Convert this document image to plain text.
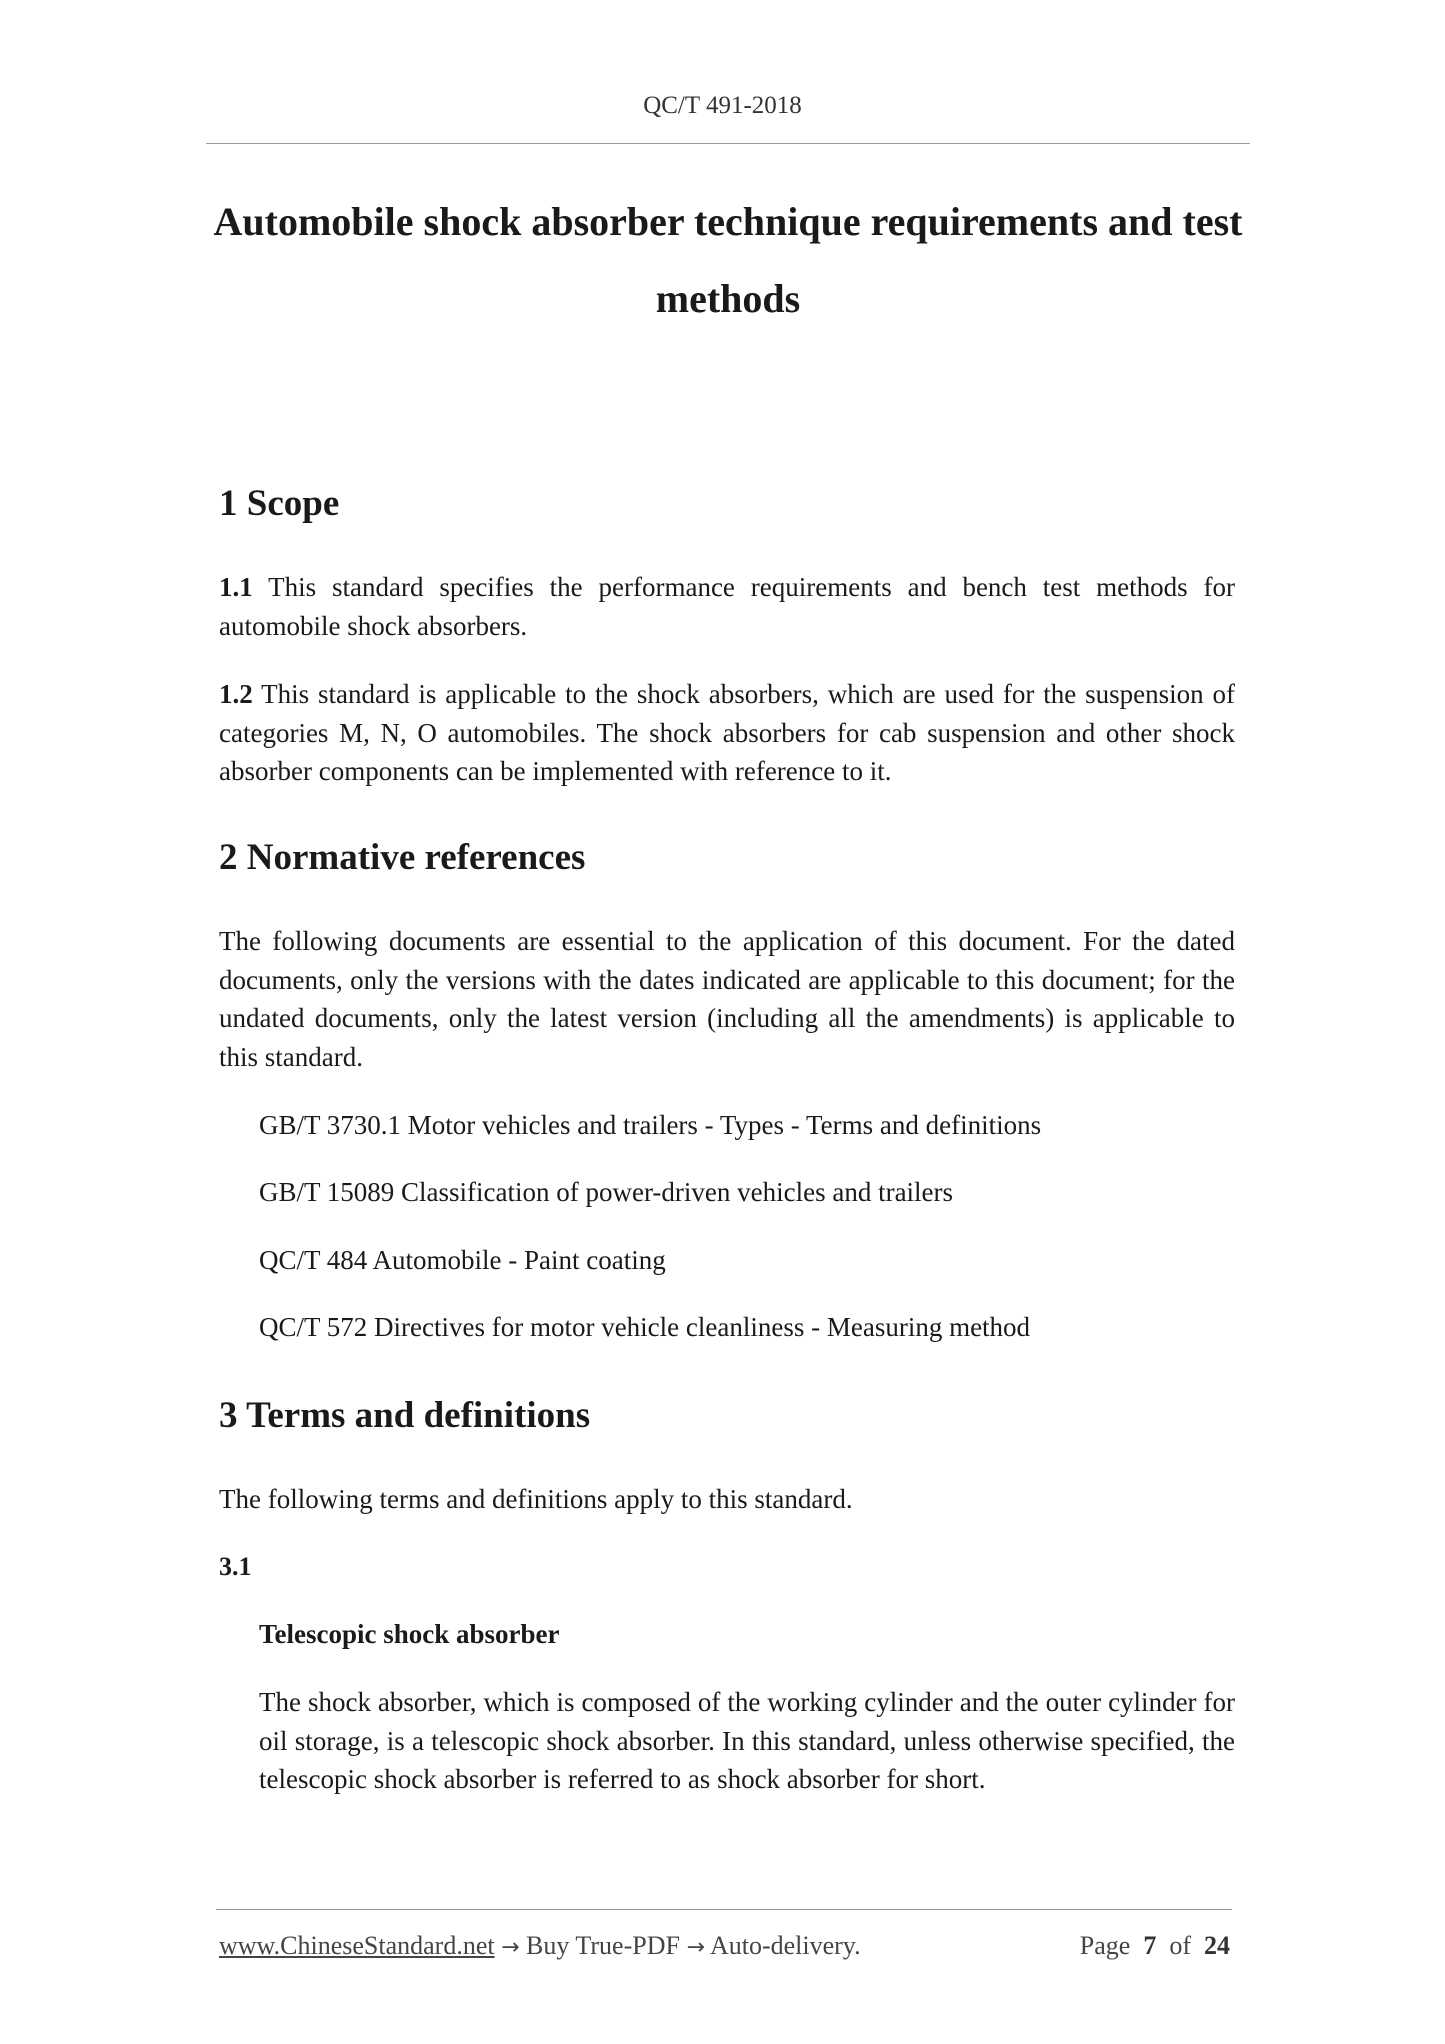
QC/T 491-2018
Automobile shock absorber technique requirements and test
methods
1 Scope
1.1 This standard specifies the performance requirements and bench test methods for automobile shock absorbers.
1.2 This standard is applicable to the shock absorbers, which are used for the suspension of categories M, N, O automobiles. The shock absorbers for cab suspension and other shock absorber components can be implemented with reference to it.
2 Normative references
The following documents are essential to the application of this document. For the dated documents, only the versions with the dates indicated are applicable to this document; for the undated documents, only the latest version (including all the amendments) is applicable to this standard.
GB/T 3730.1 Motor vehicles and trailers - Types - Terms and definitions
GB/T 15089 Classification of power-driven vehicles and trailers
QC/T 484 Automobile - Paint coating
QC/T 572 Directives for motor vehicle cleanliness - Measuring method
3 Terms and definitions
The following terms and definitions apply to this standard.
3.1
Telescopic shock absorber
The shock absorber, which is composed of the working cylinder and the outer cylinder for oil storage, is a telescopic shock absorber. In this standard, unless otherwise specified, the telescopic shock absorber is referred to as shock absorber for short.
www.ChineseStandard.net → Buy True-PDF → Auto-delivery.	Page 7 of 24
